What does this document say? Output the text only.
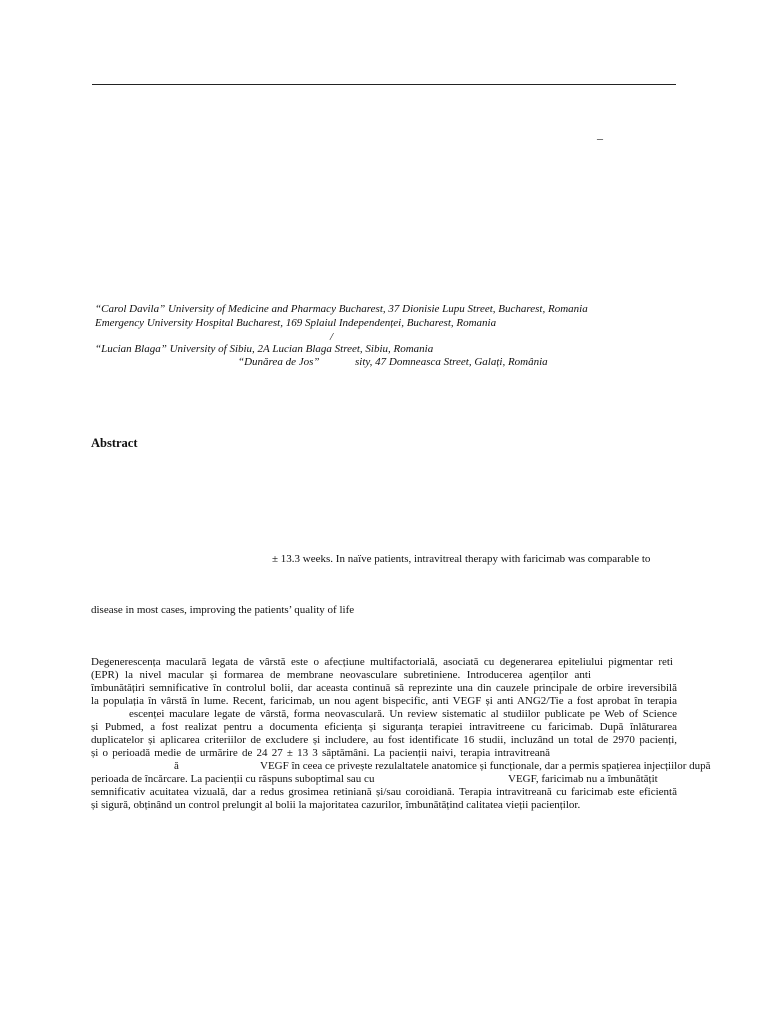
–
“Carol Davila” University of Medicine and Pharmacy Bucharest, 37 Dionisie Lupu Street, Bucharest, Romania
Emergency University Hospital Bucharest, 169 Splaiul Independenței, Bucharest, Romania
/
“Lucian Blaga” University of Sibiu, 2A Lucian Blaga Street, Sibiu, Romania
“Dunărea de Jos”	sity, 47 Domneasca Street, Galați, România
Abstract
± 13.3 weeks. In naïve patients, intravitreal therapy with faricimab was comparable to
disease in most cases, improving the patients’ quality of life
Degenerescența maculară legata de vârstă este o afecțiune multifactorială, asociată cu degenerarea epiteliului pigmentar reti
(EPR) la nivel macular și formarea de membrane neovasculare subretiniene. Introducerea agenților anti
îmbunătățiri semnificative în controlul bolii, dar aceasta continuă să reprezinte una din cauzele principale de orbire ireversibilă
la populația în vârstă în lume. Recent, faricimab, un nou agent bispecific, anti VEGF și anti ANG2/Tie a fost aprobat în terapia
escenței maculare legate de vârstă, forma neovasculară. Un review sistematic al studiilor publicate pe Web of Science
și Pubmed, a fost realizat pentru a documenta eficiența și siguranța terapiei intravitreene cu faricimab. După înlăturarea
duplicatelor și aplicarea criteriilor de excludere și includere, au fost identificate 16 studii, incluzând un total de 2970 pacienți,
și o perioadă medie de urmărire de 24 27 ± 13 3 săptămâni. La pacienții naivi, terapia intravitreană
ă	VEGF în ceea ce privește rezulaltatele anatomice și funcționale, dar a permis spațierea injecțiilor după
perioada de încărcare. La pacienții cu răspuns suboptimal sau cu	VEGF, faricimab nu a îmbunătățit
semnificativ acuitatea vizuală, dar a redus grosimea retiniană și/sau coroidiană. Terapia intravitreană cu faricimab este eficientă
și sigură, obținând un control prelungit al bolii la majoritatea cazurilor, îmbunătățind calitatea vieții pacienților.
